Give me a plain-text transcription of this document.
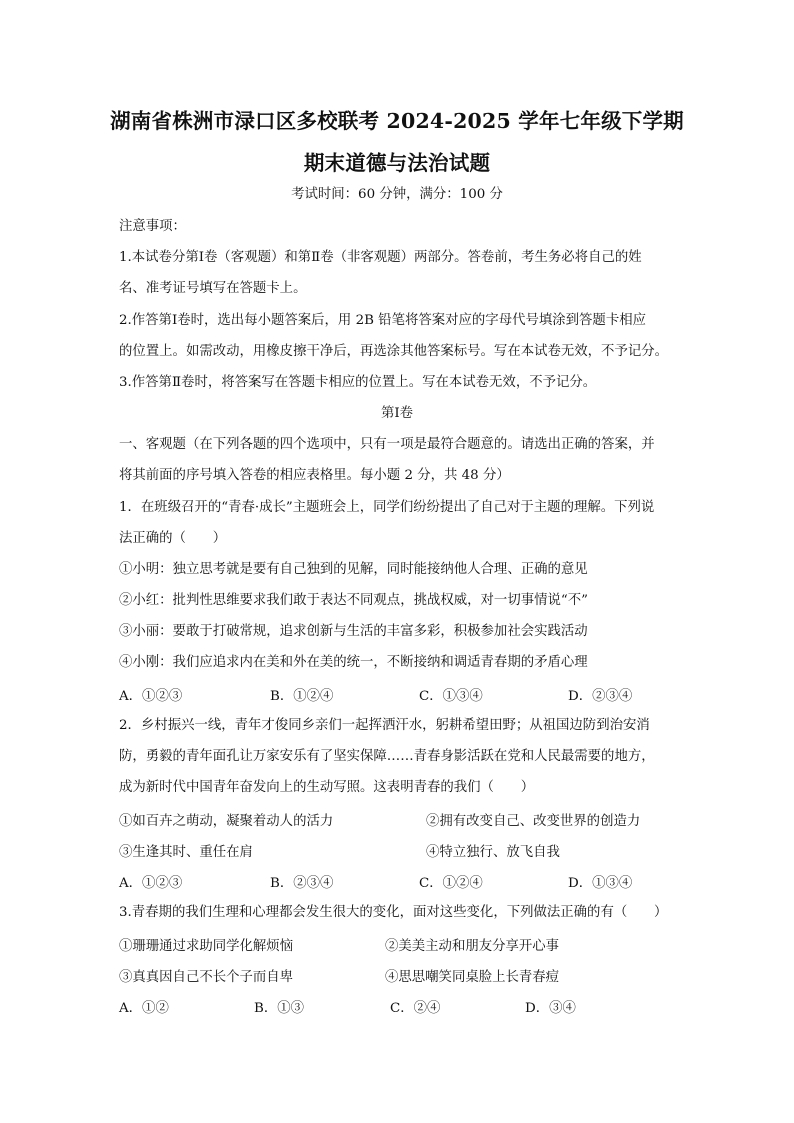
湖南省株洲市渌口区多校联考 2024-2025 学年七年级下学期
期末道德与法治试题
考试时间：60 分钟，满分：100 分
注意事项：
1.本试卷分第Ⅰ卷（客观题）和第Ⅱ卷（非客观题）两部分。答卷前，考生务必将自己的姓
名、准考证号填写在答题卡上。
2.作答第Ⅰ卷时，选出每小题答案后，用 2B 铅笔将答案对应的字母代号填涂到答题卡相应
的位置上。如需改动，用橡皮擦干净后，再选涂其他答案标号。写在本试卷无效，不予记分。
3.作答第Ⅱ卷时，将答案写在答题卡相应的位置上。写在本试卷无效，不予记分。
第Ⅰ卷
一、客观题（在下列各题的四个选项中，只有一项是最符合题意的。请选出正确的答案，并
将其前面的序号填入答卷的相应表格里。每小题 2 分，共 48 分）
1．在班级召开的“青春·成长”主题班会上，同学们纷纷提出了自己对于主题的理解。下列说
法正确的（　　）
①小明：独立思考就是要有自己独到的见解，同时能接纳他人合理、正确的意见
②小红：批判性思维要求我们敢于表达不同观点，挑战权威，对一切事情说“不”
③小丽：要敢于打破常规，追求创新与生活的丰富多彩，积极参加社会实践活动
④小刚：我们应追求内在美和外在美的统一，不断接纳和调适青春期的矛盾心理
A．①②③	B．①②④	C．①③④	D．②③④
2．乡村振兴一线，青年才俊同乡亲们一起挥洒汗水，躬耕希望田野；从祖国边防到治安消
防，勇毅的青年面孔让万家安乐有了坚实保障……青春身影活跃在党和人民最需要的地方，
成为新时代中国青年奋发向上的生动写照。这表明青春的我们（　　）
①如百卉之萌动，凝聚着动人的活力	②拥有改变自己、改变世界的创造力
③生逢其时、重任在肩	④特立独行、放飞自我
A．①②③	B．②③④	C．①②④	D．①③④
3.青春期的我们生理和心理都会发生很大的变化，面对这些变化，下列做法正确的有（　　）
①珊珊通过求助同学化解烦恼	②美美主动和朋友分享开心事
③真真因自己不长个子而自卑	④思思嘲笑同桌脸上长青春痘
A．①②	B．①③	C．②④	D．③④
